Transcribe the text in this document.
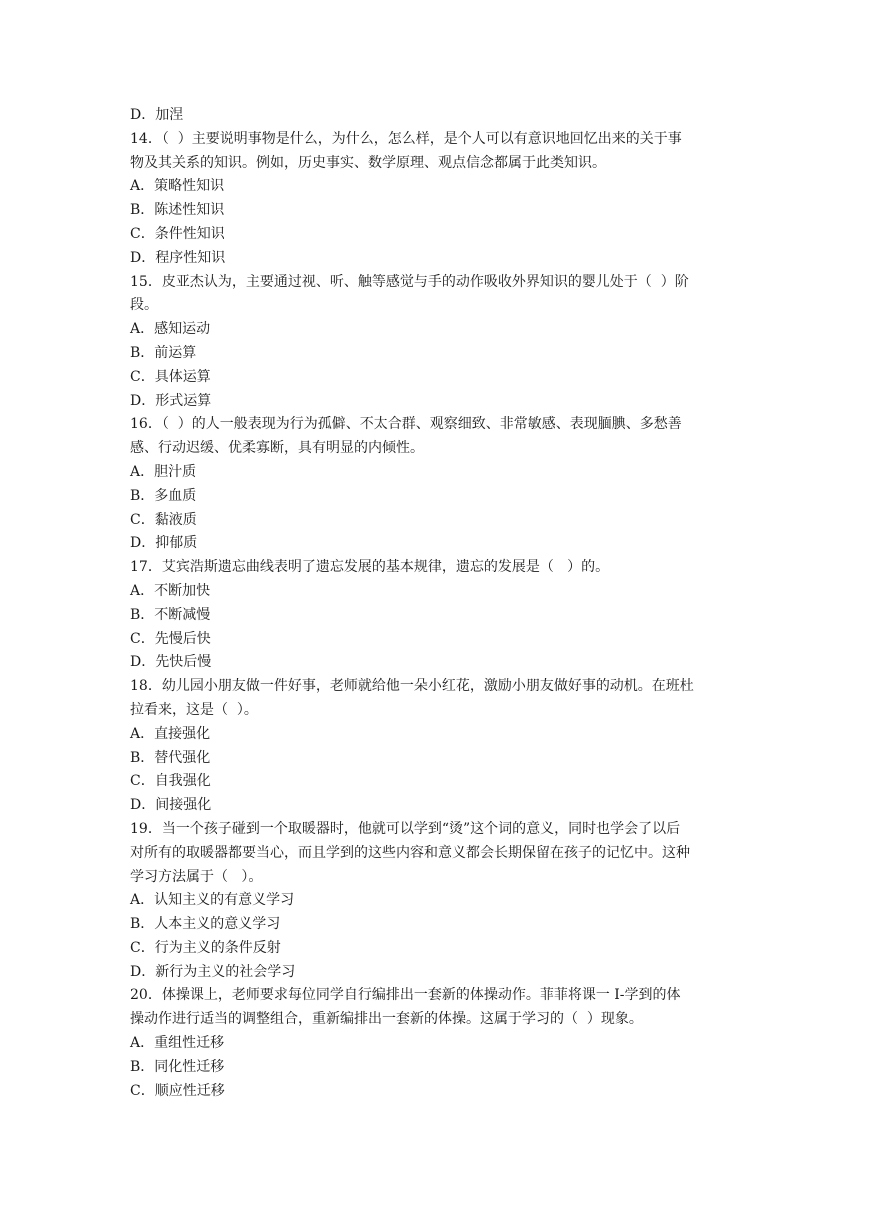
D．加涅
14．（  ）主要说明事物是什么，为什么，怎么样，是个人可以有意识地回忆出来的关于事
物及其关系的知识。例如，历史事实、数学原理、观点信念都属于此类知识。
A．策略性知识
B．陈述性知识
C．条件性知识
D．程序性知识
15．皮亚杰认为，主要通过视、听、触等感觉与手的动作吸收外界知识的婴儿处于（  ）阶
段。
A．感知运动
B．前运算
C．具体运算
D．形式运算
16．（  ）的人一般表现为行为孤僻、不太合群、观察细致、非常敏感、表现腼腆、多愁善
感、行动迟缓、优柔寡断，具有明显的内倾性。
A．胆汁质
B．多血质
C．黏液质
D．抑郁质
17．艾宾浩斯遗忘曲线表明了遗忘发展的基本规律，遗忘的发展是（   ）的。
A．不断加快
B．不断减慢
C．先慢后快
D．先快后慢
18．幼儿园小朋友做一件好事，老师就给他一朵小红花，激励小朋友做好事的动机。在班杜
拉看来，这是（  ）。
A．直接强化
B．替代强化
C．自我强化
D．间接强化
19．当一个孩子碰到一个取暖器时，他就可以学到“烫”这个词的意义，同时也学会了以后
对所有的取暖器都要当心，而且学到的这些内容和意义都会长期保留在孩子的记忆中。这种
学习方法属于（   ）。
A．认知主义的有意义学习
B．人本主义的意义学习
C．行为主义的条件反射
D．新行为主义的社会学习
20．体操课上，老师要求每位同学自行编排出一套新的体操动作。菲菲将课一 I-学到的体
操动作进行适当的调整组合，重新编排出一套新的体操。这属于学习的（  ）现象。
A．重组性迁移
B．同化性迁移
C．顺应性迁移
